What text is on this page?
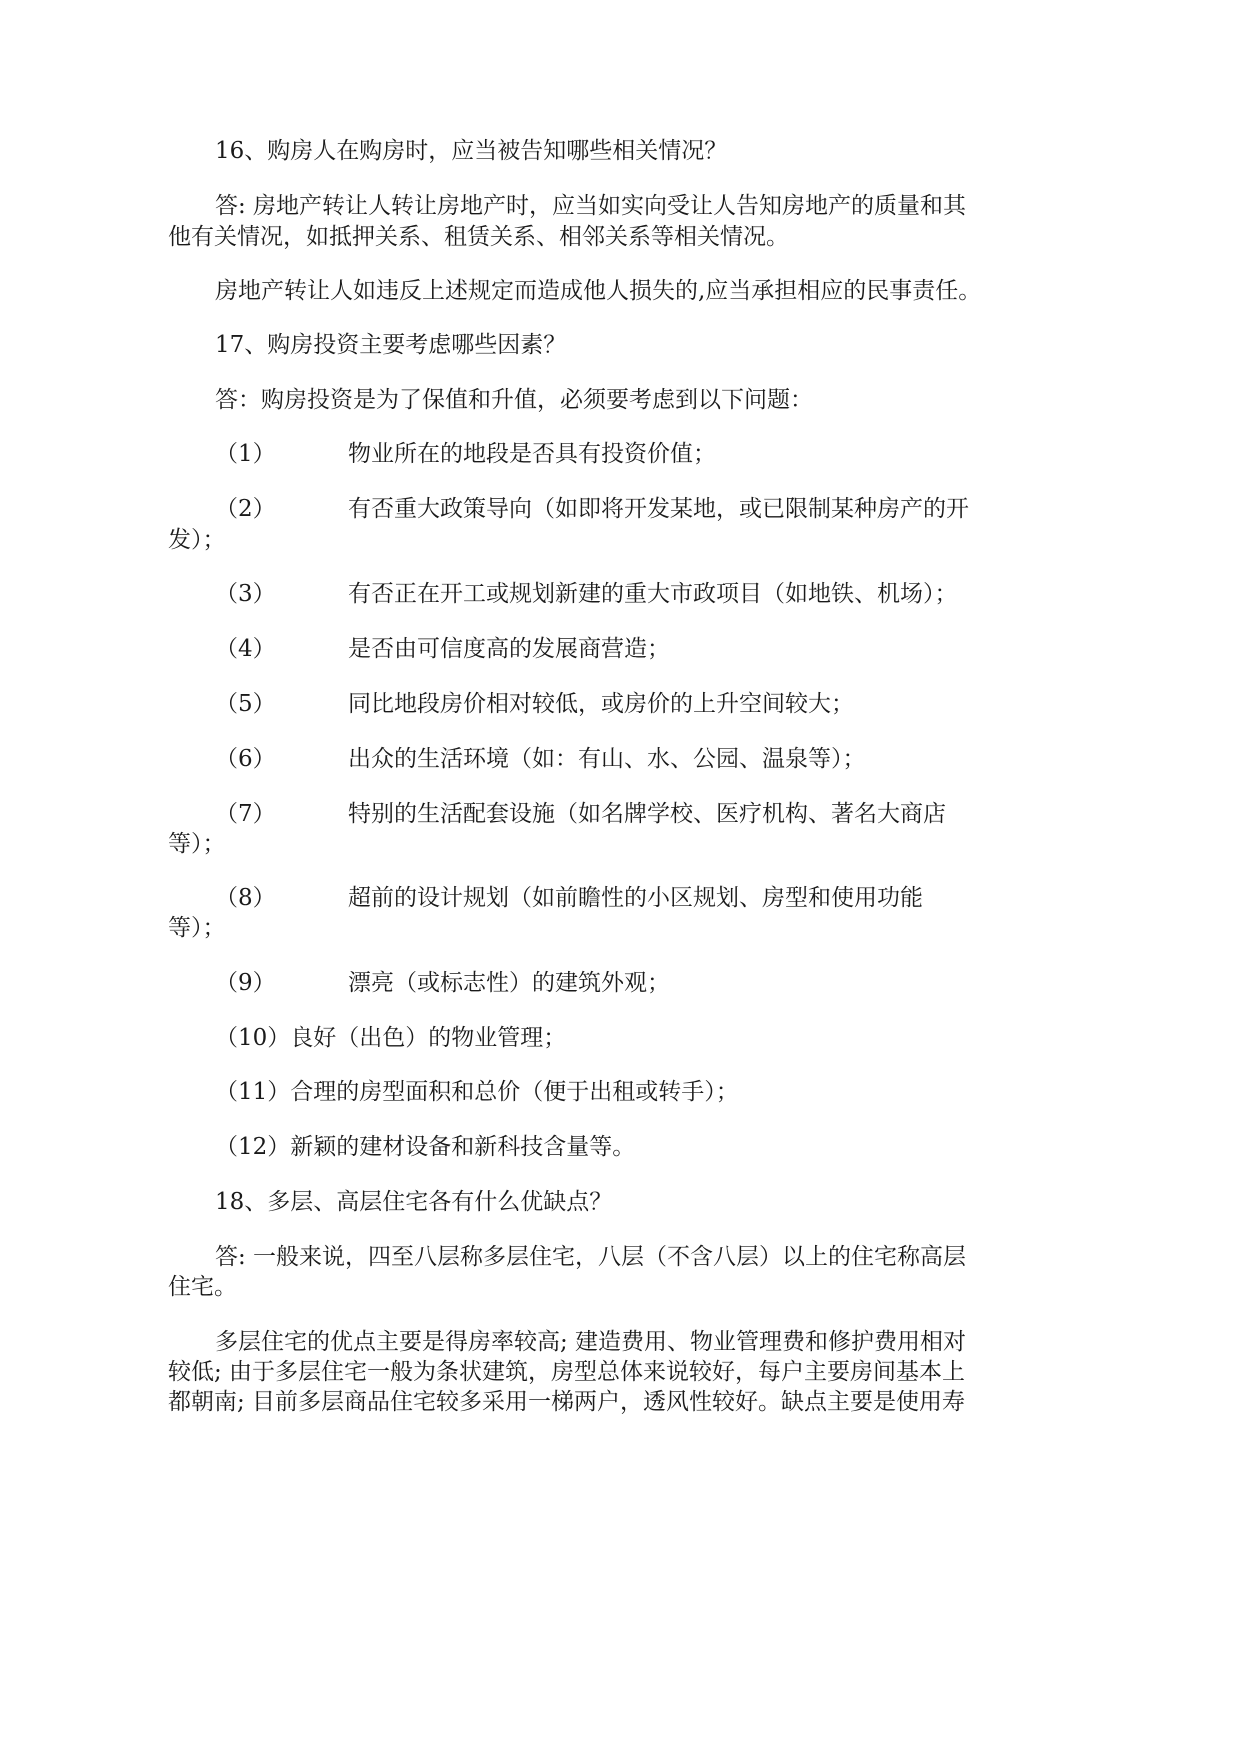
16、购房人在购房时，应当被告知哪些相关情况？
答: 房地产转让人转让房地产时，应当如实向受让人告知房地产的质量和其
他有关情况，如抵押关系、租赁关系、相邻关系等相关情况。
房地产转让人如违反上述规定而造成他人损失的,应当承担相应的民事责任。
17、购房投资主要考虑哪些因素？
答：购房投资是为了保值和升值，必须要考虑到以下问题：
（1）	物业所在的地段是否具有投资价值；
（2）	有否重大政策导向（如即将开发某地，或已限制某种房产的开
发）；
（3）	有否正在开工或规划新建的重大市政项目（如地铁、机场）；
（4）	是否由可信度高的发展商营造；
（5）	同比地段房价相对较低，或房价的上升空间较大；
（6）	出众的生活环境（如：有山、水、公园、温泉等）；
（7）	特别的生活配套设施（如名牌学校、医疗机构、著名大商店
等）；
（8）	超前的设计规划（如前瞻性的小区规划、房型和使用功能
等）；
（9）	漂亮（或标志性）的建筑外观；
（10）良好（出色）的物业管理；
（11）合理的房型面积和总价（便于出租或转手）；
（12）新颖的建材设备和新科技含量等。
18、多层、高层住宅各有什么优缺点？
答: 一般来说，四至八层称多层住宅，八层（不含八层）以上的住宅称高层
住宅。
多层住宅的优点主要是得房率较高; 建造费用、物业管理费和修护费用相对
较低; 由于多层住宅一般为条状建筑，房型总体来说较好，每户主要房间基本上
都朝南; 目前多层商品住宅较多采用一梯两户，透风性较好。缺点主要是使用寿
